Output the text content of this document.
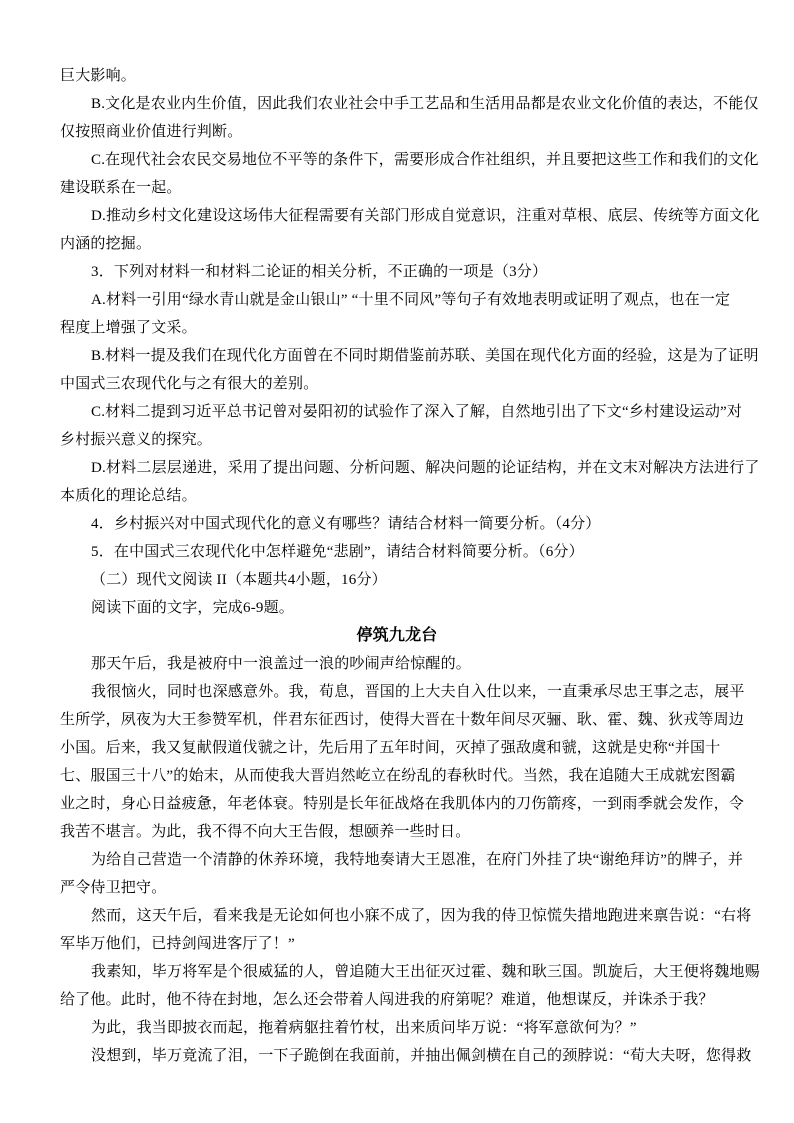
巨大影响。
B.文化是农业内生价值，因此我们农业社会中手工艺品和生活用品都是农业文化价值的表达，不能仅
仅按照商业价值进行判断。
C.在现代社会农民交易地位不平等的条件下，需要形成合作社组织，并且要把这些工作和我们的文化
建设联系在一起。
D.推动乡村文化建设这场伟大征程需要有关部门形成自觉意识，注重对草根、底层、传统等方面文化
内涵的挖掘。
3．下列对材料一和材料二论证的相关分析，不正确的一项是（3分）
A.材料一引用“绿水青山就是金山银山” “十里不同风”等句子有效地表明或证明了观点，也在一定
程度上增强了文采。
B.材料一提及我们在现代化方面曾在不同时期借鉴前苏联、美国在现代化方面的经验，这是为了证明
中国式三农现代化与之有很大的差别。
C.材料二提到习近平总书记曾对晏阳初的试验作了深入了解，自然地引出了下文“乡村建设运动”对
乡村振兴意义的探究。
D.材料二层层递进，采用了提出问题、分析问题、解决问题的论证结构，并在文末对解决方法进行了
本质化的理论总结。
4．乡村振兴对中国式现代化的意义有哪些？请结合材料一简要分析。（4分）
5．在中国式三农现代化中怎样避免“悲剧”，请结合材料简要分析。（6分）
（二）现代文阅读 II（本题共4小题，16分）
阅读下面的文字，完成6-9题。
停筑九龙台
那天午后，我是被府中一浪盖过一浪的吵闹声给惊醒的。
我很恼火，同时也深感意外。我，荀息，晋国的上大夫自入仕以来，一直秉承尽忠王事之志，展平
生所学，夙夜为大王参赞军机，伴君东征西讨，使得大晋在十数年间尽灭骊、耿、霍、魏、狄戎等周边
小国。后来，我又复献假道伐虢之计，先后用了五年时间，灭掉了强敌虞和虢，这就是史称“并国十
七、服国三十八”的始末，从而使我大晋岿然屹立在纷乱的春秋时代。当然，我在追随大王成就宏图霸
业之时，身心日益疲惫，年老体衰。特别是长年征战烙在我肌体内的刀伤箭疼，一到雨季就会发作，令
我苦不堪言。为此，我不得不向大王告假，想颐养一些时日。
为给自己营造一个清静的休养环境，我特地奏请大王恩准，在府门外挂了块“谢绝拜访”的牌子，并
严令侍卫把守。
然而，这天午后，看来我是无论如何也小寐不成了，因为我的侍卫惊慌失措地跑进来禀告说：“右将
军毕万他们，已持剑闯进客厅了！”
我素知，毕万将军是个很威猛的人，曾追随大王出征灭过霍、魏和耿三国。凯旋后，大王便将魏地赐
给了他。此时，他不待在封地，怎么还会带着人闯进我的府第呢？难道，他想谋反，并诛杀于我？
为此，我当即披衣而起，拖着病躯拄着竹杖，出来质问毕万说：“将军意欲何为？”
没想到，毕万竟流了泪，一下子跪倒在我面前，并抽出佩剑横在自己的颈脖说：“荀大夫呀，您得救
